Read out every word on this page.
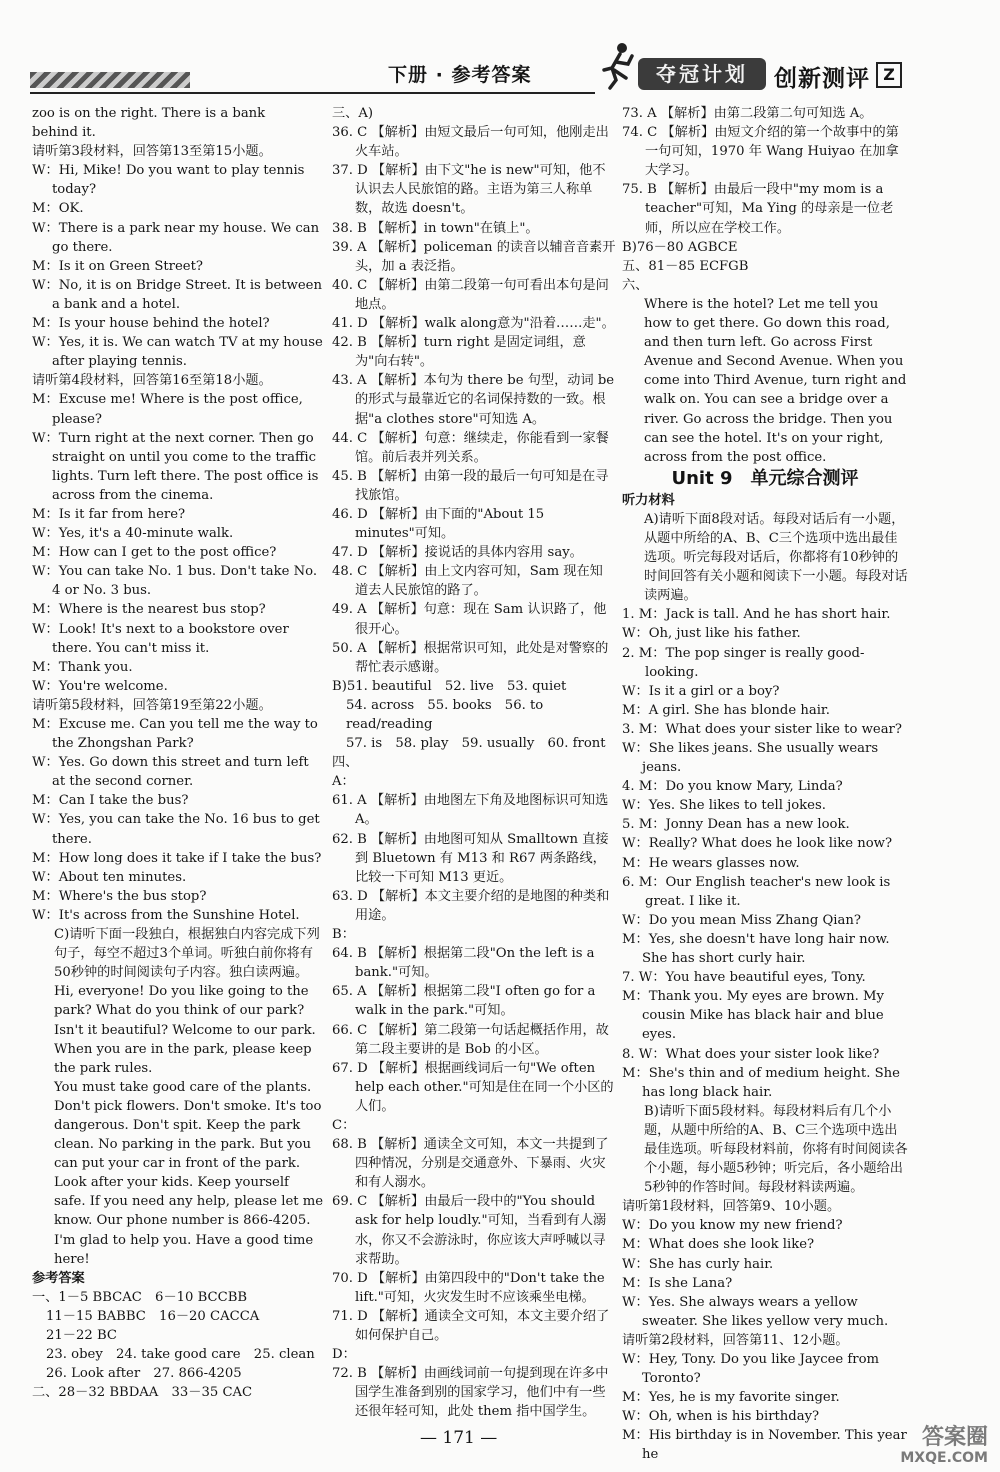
下册 · 参考答案	夺冠计划	创新测评 Z

zoo is on the right. There is a bank

behind it.

请听第3段材料，回答第13至第15小题。

W：Hi, Mike! Do you want to play tennis today?

M：OK.

W：There is a park near my house. We can go there.

M：Is it on Green Street?

W：No, it is on Bridge Street. It is between a bank and a hotel.

M：Is your house behind the hotel?

W：Yes, it is. We can watch TV at my house after playing tennis.

请听第4段材料，回答第16至第18小题。

M：Excuse me! Where is the post office, please?

W：Turn right at the next corner. Then go straight on until you come to the traffic lights. Turn left there. The post office is across from the cinema.

M：Is it far from here?

W：Yes, it's a 40-minute walk.

M：How can I get to the post office?

W：You can take No. 1 bus. Don't take No. 4 or No. 3 bus.

M：Where is the nearest bus stop?

W：Look! It's next to a bookstore over there. You can't miss it.

M：Thank you.

W：You're welcome.

请听第5段材料，回答第19至第22小题。

M：Excuse me. Can you tell me the way to the Zhongshan Park?

W：Yes. Go down this street and turn left at the second corner.

M：Can I take the bus?

W：Yes, you can take the No. 16 bus to get there.

M：How long does it take if I take the bus?

W：About ten minutes.

M：Where's the bus stop?

W：It's across from the Sunshine Hotel.

C)请听下面一段独白，根据独白内容完成下列句子，每空不超过3个单词。听独白前你将有50秒钟的时间阅读句子内容。独白读两遍。

Hi, everyone! Do you like going to the park? What do you think of our park? Isn't it beautiful? Welcome to our park. When you are in the park, please keep the park rules.

You must take good care of the plants. Don't pick flowers. Don't smoke. It's too dangerous. Don't spit. Keep the park clean. No parking in the park. But you can put your car in front of the park. Look after your kids. Keep yourself safe. If you need any help, please let me know. Our phone number is 866-4205. I'm glad to help you. Have a good time here!

参考答案

一、1－5 BBCAC　6－10 BCCBB

11－15 BABBC　16－20 CACCA

21－22 BC

23. obey　24. take good care　25. clean

26. Look after　27. 866-4205

二、28－32 BBDAA　33－35 CAC

三、A)

36. C 【解析】由短文最后一句可知，他刚走出火车站。

37. D 【解析】由下文"he is new"可知，他不认识去人民旅馆的路。主语为第三人称单数，故选 doesn't。

38. B 【解析】in town"在镇上"。

39. A 【解析】policeman 的读音以辅音音素开头，加 a 表泛指。

40. C 【解析】由第二段第一句可看出本句是问地点。

41. D 【解析】walk along意为"沿着……走"。

42. B 【解析】turn right 是固定词组，意为"向右转"。

43. A 【解析】本句为 there be 句型，动词 be 的形式与最靠近它的名词保持数的一致。根据"a clothes store"可知选 A。

44. C 【解析】句意：继续走，你能看到一家餐馆。前后表并列关系。

45. B 【解析】由第一段的最后一句可知是在寻找旅馆。

46. D 【解析】由下面的"About 15 minutes"可知。

47. D 【解析】接说话的具体内容用 say。

48. C 【解析】由上文内容可知，Sam 现在知道去人民旅馆的路了。

49. A 【解析】句意：现在 Sam 认识路了，他很开心。

50. A 【解析】根据常识可知，此处是对警察的帮忙表示感谢。

B)51. beautiful　52. live　53. quiet

54. across　55. books　56. to read/reading

57. is　58. play　59. usually　60. front

四、

A：

61. A 【解析】由地图左下角及地图标识可知选 A。

62. B 【解析】由地图可知从 Smalltown 直接到 Bluetown 有 M13 和 R67 两条路线，比较一下可知 M13 更近。

63. D 【解析】本文主要介绍的是地图的种类和用途。

B：

64. B 【解析】根据第二段"On the left is a bank."可知。

65. A 【解析】根据第二段"I often go for a walk in the park."可知。

66. C 【解析】第二段第一句话起概括作用，故第二段主要讲的是 Bob 的小区。

67. D 【解析】根据画线词后一句"We often help each other."可知是住在同一个小区的人们。

C：

68. B 【解析】通读全文可知，本文一共提到了四种情况，分别是交通意外、下暴雨、火灾和有人溺水。

69. C 【解析】由最后一段中的"You should ask for help loudly."可知，当看到有人溺水，你又不会游泳时，你应该大声呼喊以寻求帮助。

70. D 【解析】由第四段中的"Don't take the lift."可知，火灾发生时不应该乘坐电梯。

71. D 【解析】通读全文可知，本文主要介绍了如何保护自己。

D：

72. B 【解析】由画线词前一句提到现在许多中国学生准备到别的国家学习，他们中有一些还很年轻可知，此处 them 指中国学生。

73. A 【解析】由第二段第二句可知选 A。

74. C 【解析】由短文介绍的第一个故事中的第一句可知，1970 年 Wang Huiyao 在加拿大学习。

75. B 【解析】由最后一段中"my mom is a teacher"可知，Ma Ying 的母亲是一位老师，所以应在学校工作。

B)76－80 AGBCE

五、81－85 ECFGB

六、

Where is the hotel? Let me tell you how to get there. Go down this road, and then turn left. Go across First Avenue and Second Avenue. When you come into Third Avenue, turn right and walk on. You can see a bridge over a river. Go across the bridge. Then you can see the hotel. It's on your right, across from the post office.

Unit 9　单元综合测评

听力材料

A)请听下面8段对话。每段对话后有一小题，从题中所给的A、B、C三个选项中选出最佳选项。听完每段对话后，你都将有10秒钟的时间回答有关小题和阅读下一小题。每段对话读两遍。

1. M：Jack is tall. And he has short hair.

W：Oh, just like his father.

2. M：The pop singer is really good-looking.

W：Is it a girl or a boy?

M：A girl. She has blonde hair.

3. M：What does your sister like to wear?

W：She likes jeans. She usually wears jeans.

4. M：Do you know Mary, Linda?

W：Yes. She likes to tell jokes.

5. M：Jonny Dean has a new look.

W：Really? What does he look like now?

M：He wears glasses now.

6. M：Our English teacher's new look is great. I like it.

W：Do you mean Miss Zhang Qian?

M：Yes, she doesn't have long hair now. She has short curly hair.

7. W：You have beautiful eyes, Tony.

M：Thank you. My eyes are brown. My cousin Mike has black hair and blue eyes.

8. W：What does your sister look like?

M：She's thin and of medium height. She has long black hair.

B)请听下面5段材料。每段材料后有几个小题，从题中所给的A、B、C三个选项中选出最佳选项。听每段材料前，你将有时间阅读各个小题，每小题5秒钟；听完后，各小题给出5秒钟的作答时间。每段材料读两遍。

请听第1段材料，回答第9、10小题。

W：Do you know my new friend?

M：What does she look like?

W：She has curly hair.

M：Is she Lana?

W：Yes. She always wears a yellow sweater. She likes yellow very much.

请听第2段材料，回答第11、12小题。

W：Hey, Tony. Do you like Jaycee from Toronto?

M：Yes, he is my favorite singer.

W：Oh, when is his birthday?

M：His birthday is in November. This year he

— 171 —	答案圈
MXQE.COM
